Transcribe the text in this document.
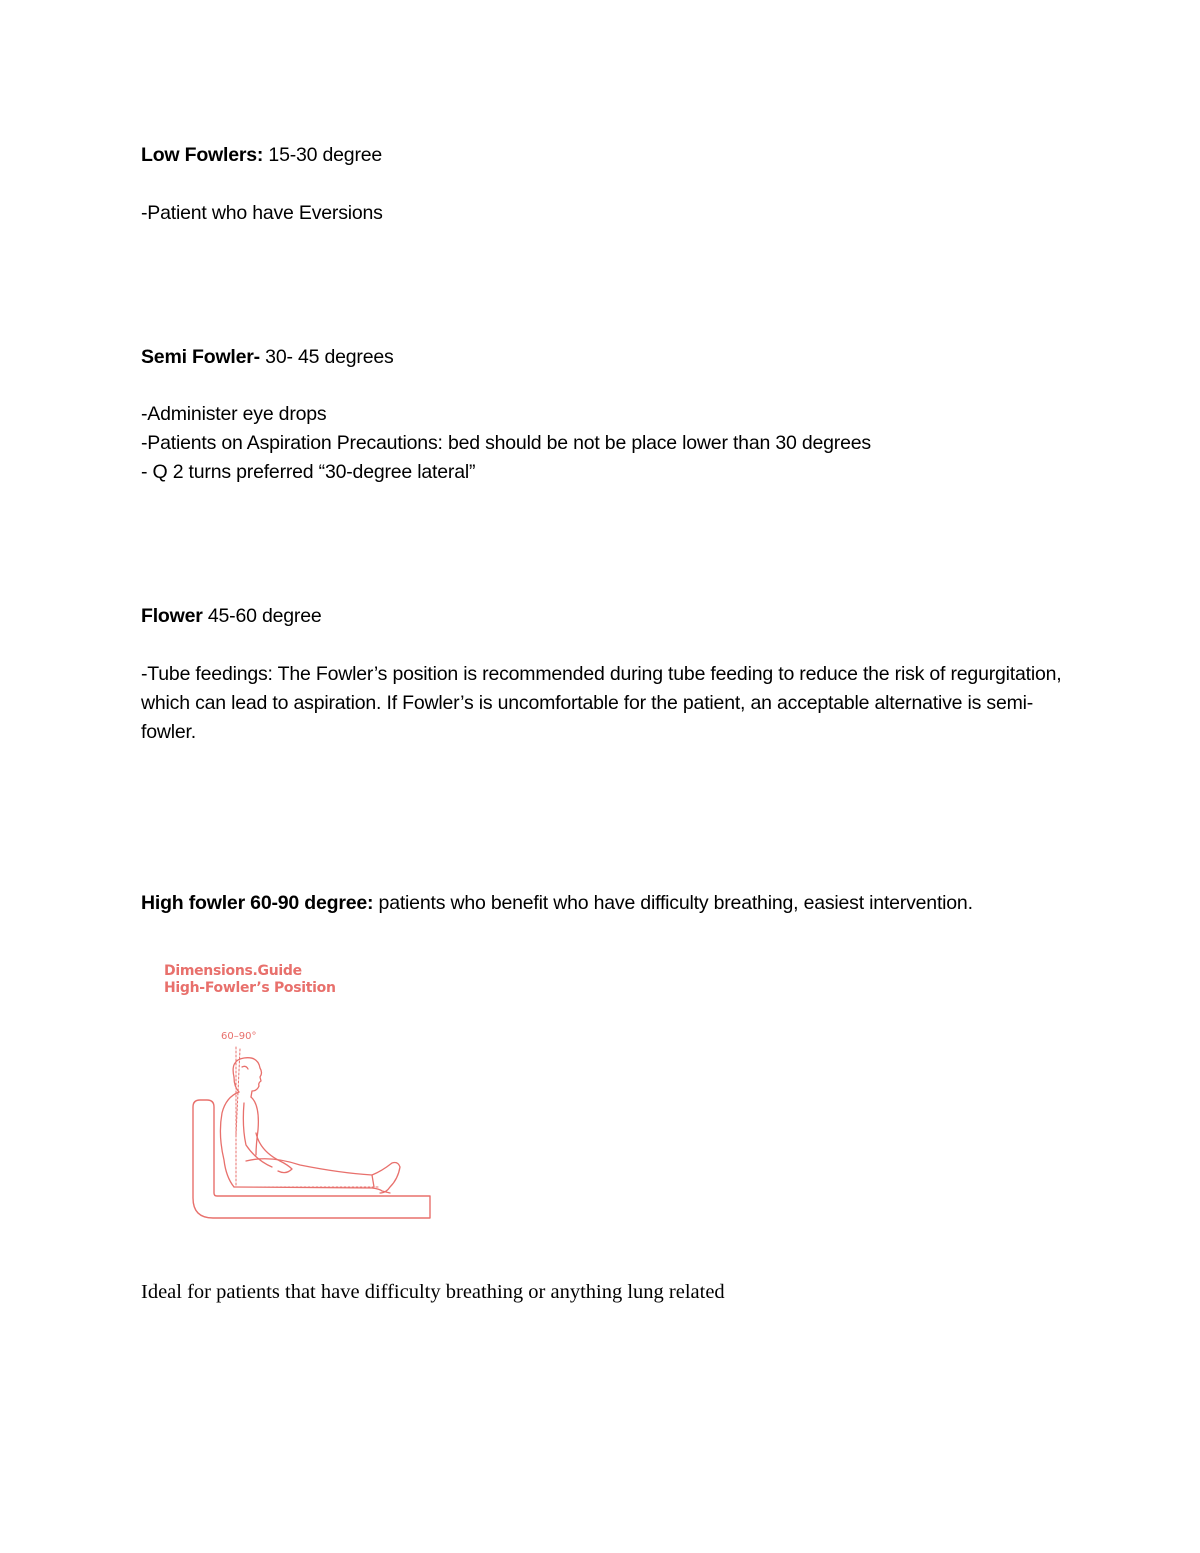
Low Fowlers: 15-30 degree
-Patient who have Eversions
Semi Fowler- 30- 45 degrees
-Administer eye drops
-Patients on Aspiration Precautions: bed should be not be place lower than 30 degrees
- Q 2 turns preferred “30-degree lateral”
Flower 45-60 degree
-Tube feedings: The Fowler’s position is recommended during tube feeding to reduce the risk of regurgitation, which can lead to aspiration. If Fowler’s is uncomfortable for the patient, an acceptable alternative is semi-fowler.
High fowler 60-90 degree: patients who benefit who have difficulty breathing, easiest intervention.
Dimensions.Guide
High-Fowler’s Position
60–90°
Ideal for patients that have difficulty breathing or anything lung related
